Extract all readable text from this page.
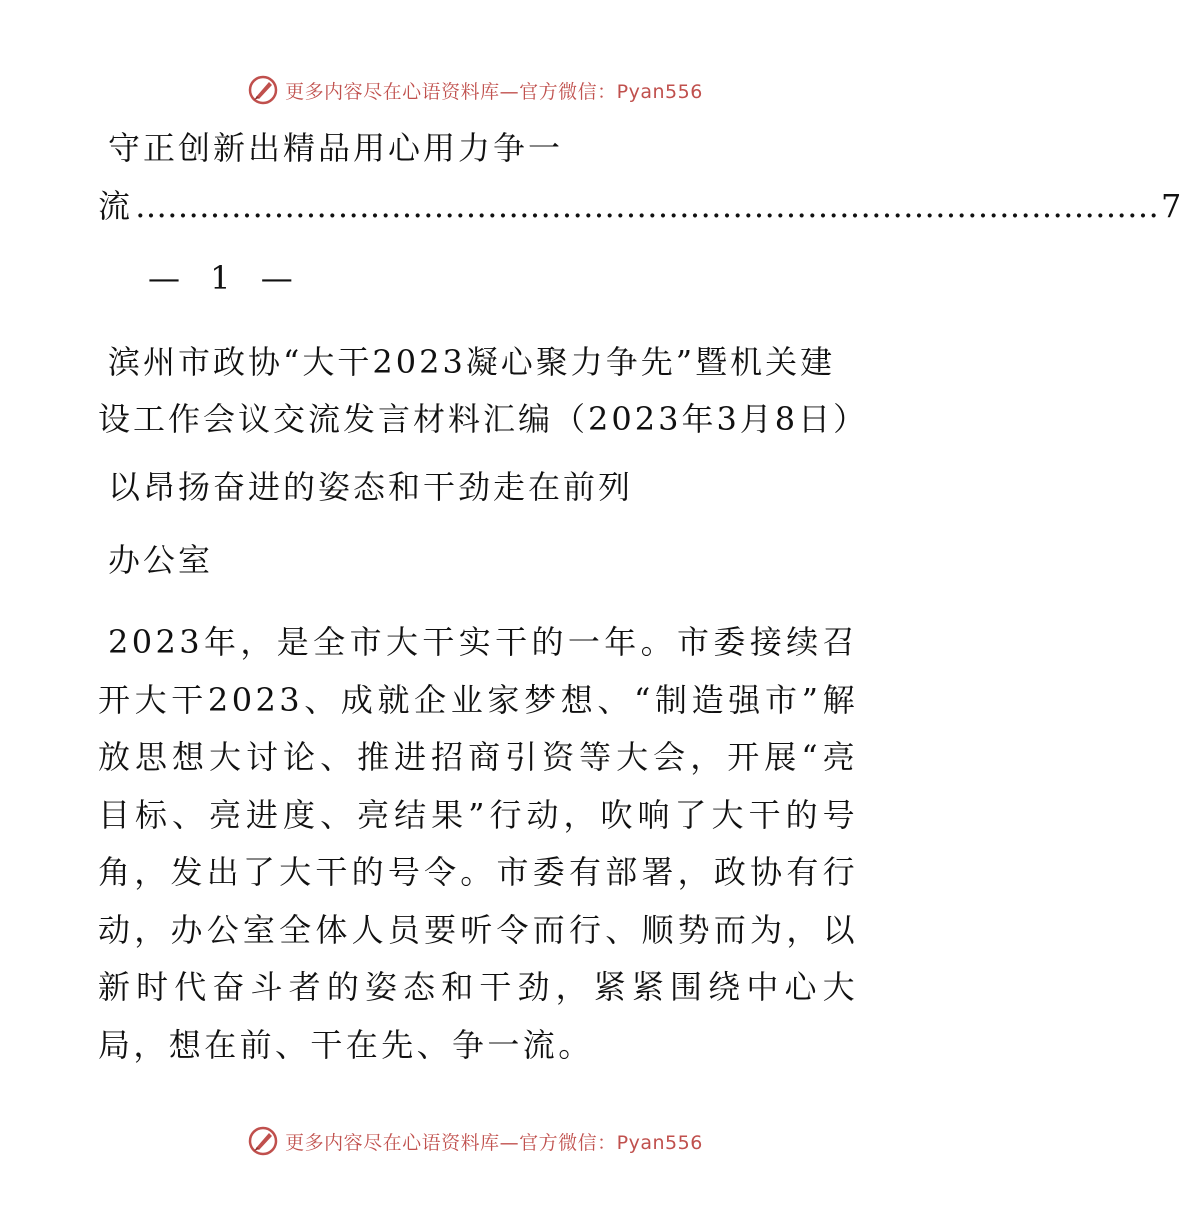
更多内容尽在心语资料库—官方微信：Pyan556
守正创新出精品用心用力争一
流 …………………………………………………………………………………… 7
— 1 —
滨州市政协“大干2023凝心聚力争先”暨机关建设工作会议交流发言材料汇编（2023年3月8日）
以昂扬奋进的姿态和干劲走在前列
办公室
2023年，是全市大干实干的一年。市委接续召开大干2023、成就企业家梦想、“制造强市”解放思想大讨论、推进招商引资等大会，开展“亮目标、亮进度、亮结果”行动，吹响了大干的号角，发出了大干的号令。市委有部署，政协有行动，办公室全体人员要听令而行、顺势而为，以新时代奋斗者的姿态和干劲，紧紧围绕中心大局，想在前、干在先、争一流。
更多内容尽在心语资料库—官方微信：Pyan556
